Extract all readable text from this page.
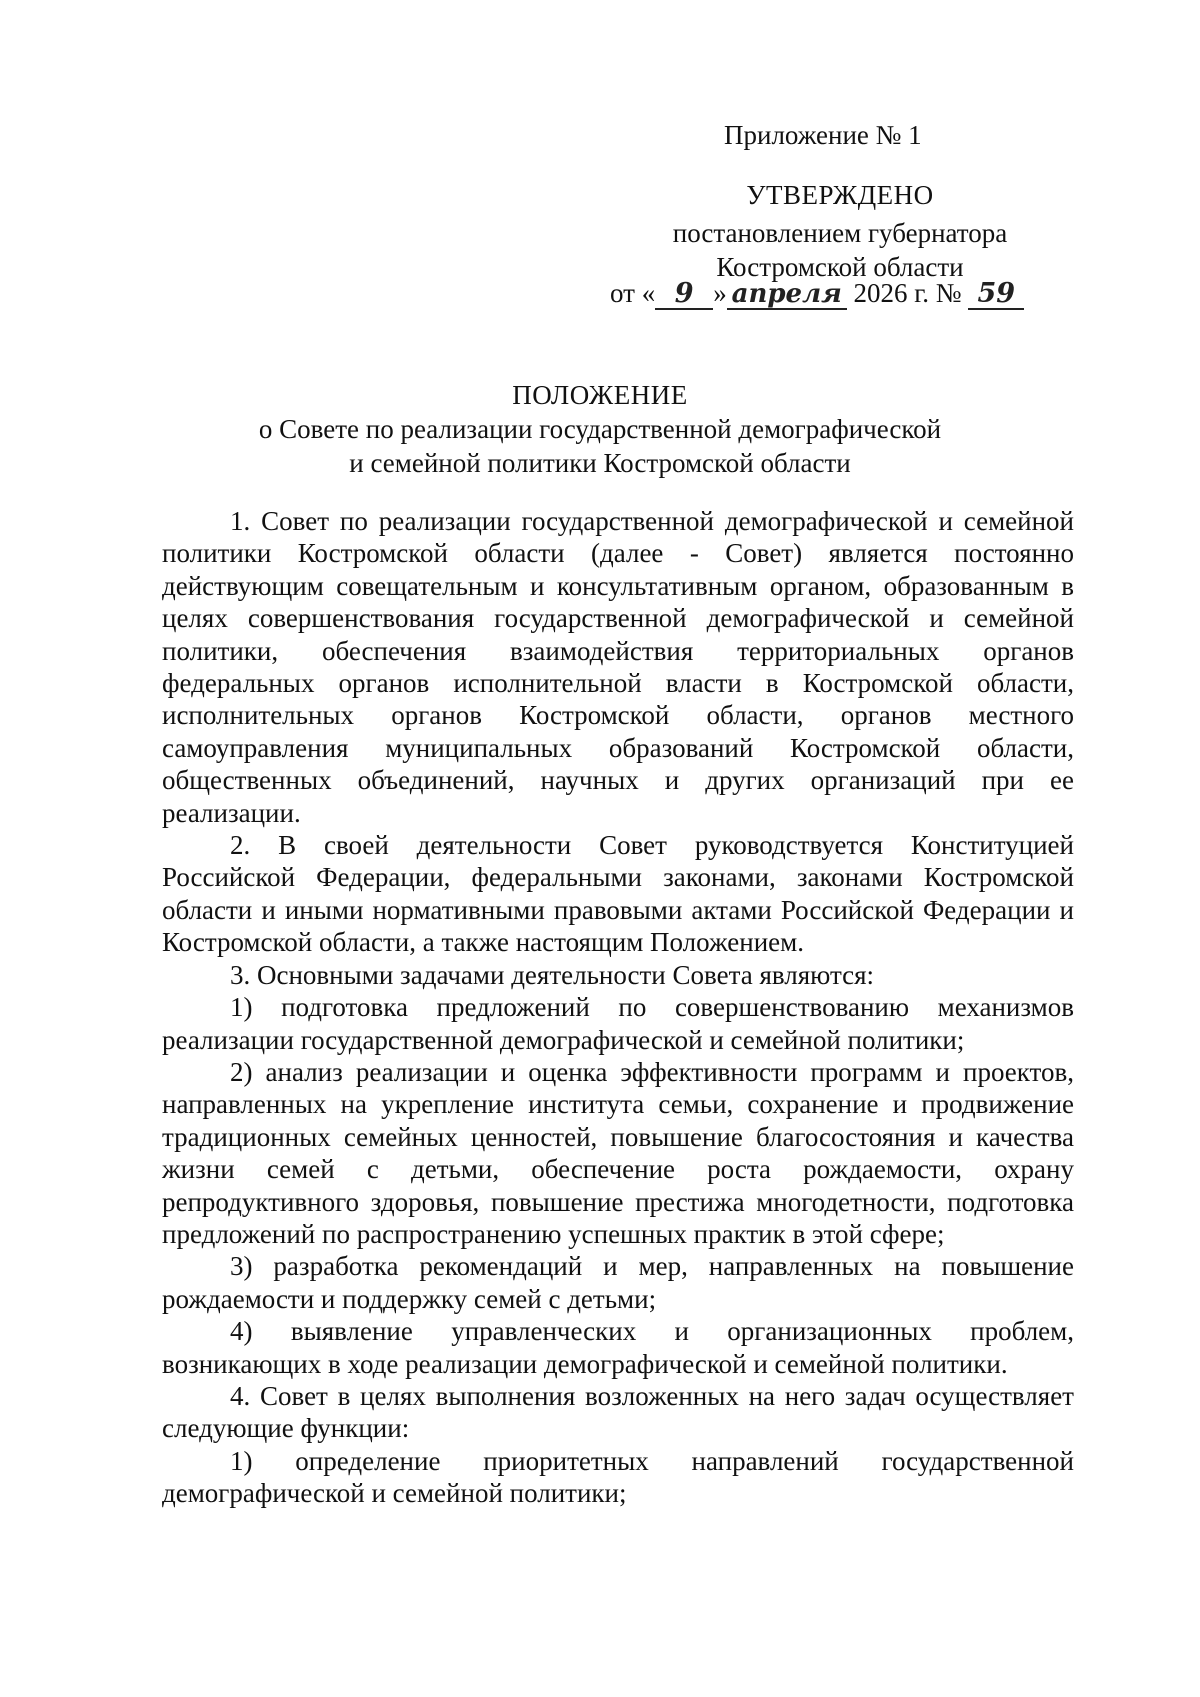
Приложение № 1
УТВЕРЖДЕНО
постановлением губернатора
Костромской области
от « 9 » апреля 2026 г. № 59
ПОЛОЖЕНИЕ
о Совете по реализации государственной демографической
и семейной политики Костромской области

1. Совет по реализации государственной демографической и семейной политики Костромской области (далее - Совет) является постоянно действующим совещательным и консультативным органом, образованным в целях совершенствования государственной демографической и семейной политики, обеспечения взаимодействия территориальных органов федеральных органов исполнительной власти в Костромской области, исполнительных органов Костромской области, органов местного самоуправления муниципальных образований Костромской области, общественных объединений, научных и других организаций при ее реализации.

2. В своей деятельности Совет руководствуется Конституцией Российской Федерации, федеральными законами, законами Костромской области и иными нормативными правовыми актами Российской Федерации и Костромской области, а также настоящим Положением.

3. Основными задачами деятельности Совета являются:

1) подготовка предложений по совершенствованию механизмов реализации государственной демографической и семейной политики;

2) анализ реализации и оценка эффективности программ и проектов, направленных на укрепление института семьи, сохранение и продвижение традиционных семейных ценностей, повышение благосостояния и качества жизни семей с детьми, обеспечение роста рождаемости, охрану репродуктивного здоровья, повышение престижа многодетности, подготовка предложений по распространению успешных практик в этой сфере;

3) разработка рекомендаций и мер, направленных на повышение рождаемости и поддержку семей с детьми;

4) выявление управленческих и организационных проблем, возникающих в ходе реализации демографической и семейной политики.

4. Совет в целях выполнения возложенных на него задач осуществляет следующие функции:

1) определение приоритетных направлений государственной демографической и семейной политики;
